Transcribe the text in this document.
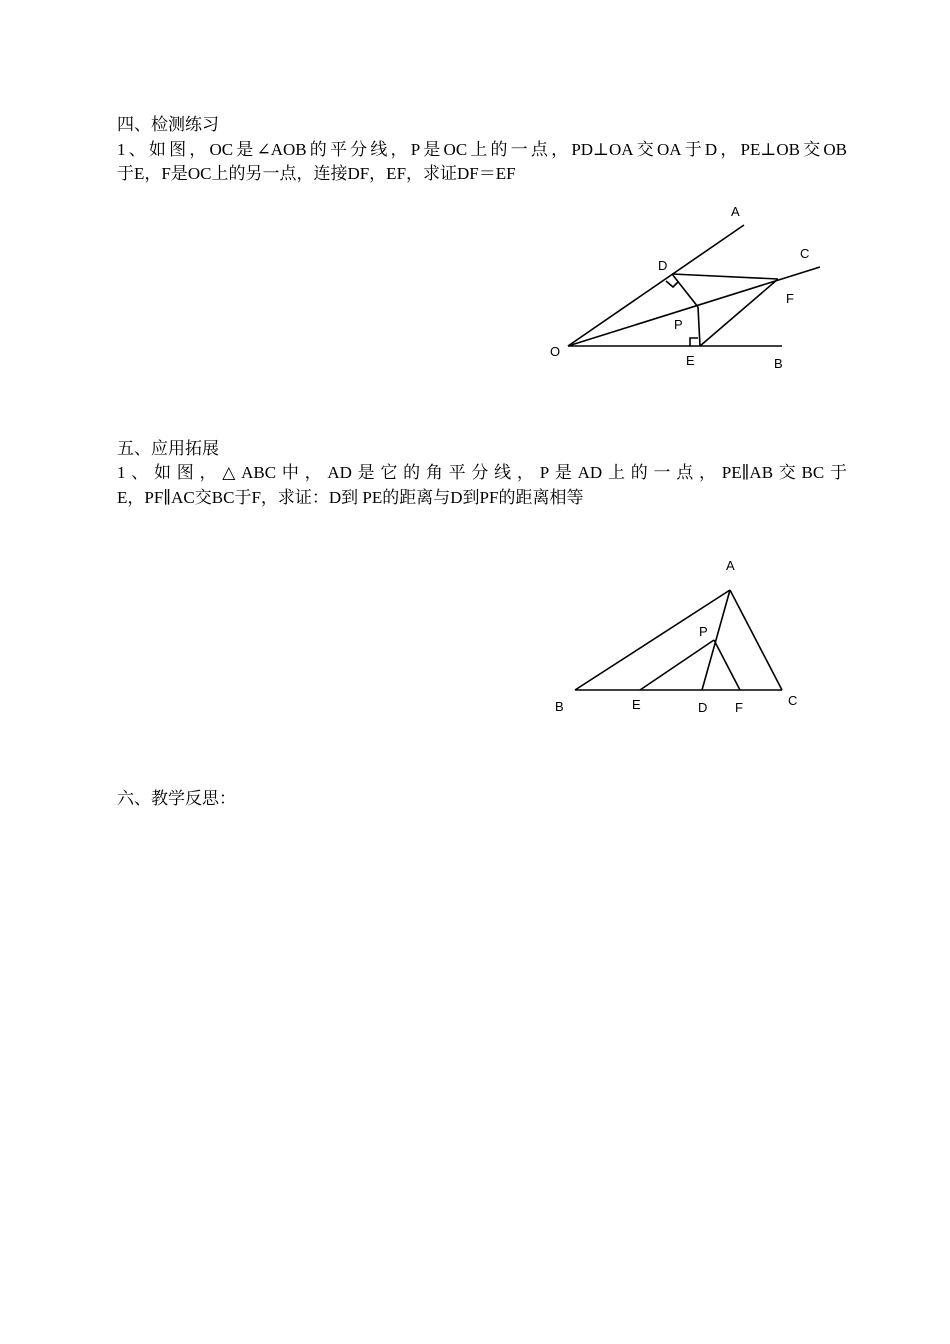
四、检测练习
1、如图，OC是∠AOB的平分线，P是OC上的一点，PD⊥OA交OA于D，PE⊥OB交OB
于E，F是OC上的另一点，连接DF，EF，求证DF＝EF
A
C
D
F
P
O
E	B
五、应用拓展
1、如图，△ABC中，AD是它的角平分线，P是AD上的一点，PE∥AB交BC于
E，PF∥AC交BC于F，求证：D到 PE的距离与D到PF的距离相等
A
P
B	E	D F	C
六、教学反思：
